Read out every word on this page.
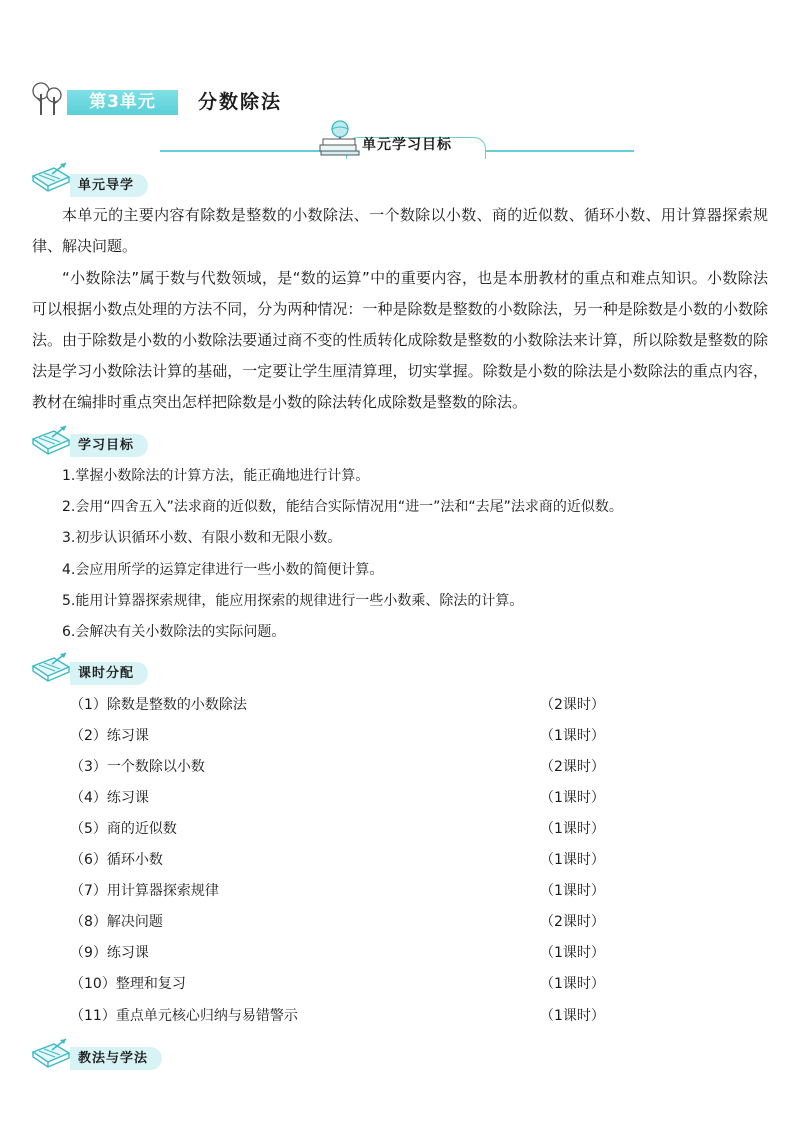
第3单元	分数除法
单元学习目标
单元导学
本单元的主要内容有除数是整数的小数除法、一个数除以小数、商的近似数、循环小数、用计算器探索规律、解决问题。
“小数除法”属于数与代数领域，是“数的运算”中的重要内容，也是本册教材的重点和难点知识。小数除法可以根据小数点处理的方法不同，分为两种情况：一种是除数是整数的小数除法，另一种是除数是小数的小数除法。由于除数是小数的小数除法要通过商不变的性质转化成除数是整数的小数除法来计算，所以除数是整数的除法是学习小数除法计算的基础，一定要让学生厘清算理，切实掌握。除数是小数的除法是小数除法的重点内容，教材在编排时重点突出怎样把除数是小数的除法转化成除数是整数的除法。
学习目标
1.掌握小数除法的计算方法，能正确地进行计算。
2.会用“四舍五入”法求商的近似数，能结合实际情况用“进一”法和“去尾”法求商的近似数。
3.初步认识循环小数、有限小数和无限小数。
4.会应用所学的运算定律进行一些小数的简便计算。
5.能用计算器探索规律，能应用探索的规律进行一些小数乘、除法的计算。
6.会解决有关小数除法的实际问题。
课时分配
（1）除数是整数的小数除法	（2课时）
（2）练习课	（1课时）
（3）一个数除以小数	（2课时）
（4）练习课	（1课时）
（5）商的近似数	（1课时）
（6）循环小数	（1课时）
（7）用计算器探索规律	（1课时）
（8）解决问题	（2课时）
（9）练习课	（1课时）
（10）整理和复习	（1课时）
（11）重点单元核心归纳与易错警示	（1课时）
教法与学法
